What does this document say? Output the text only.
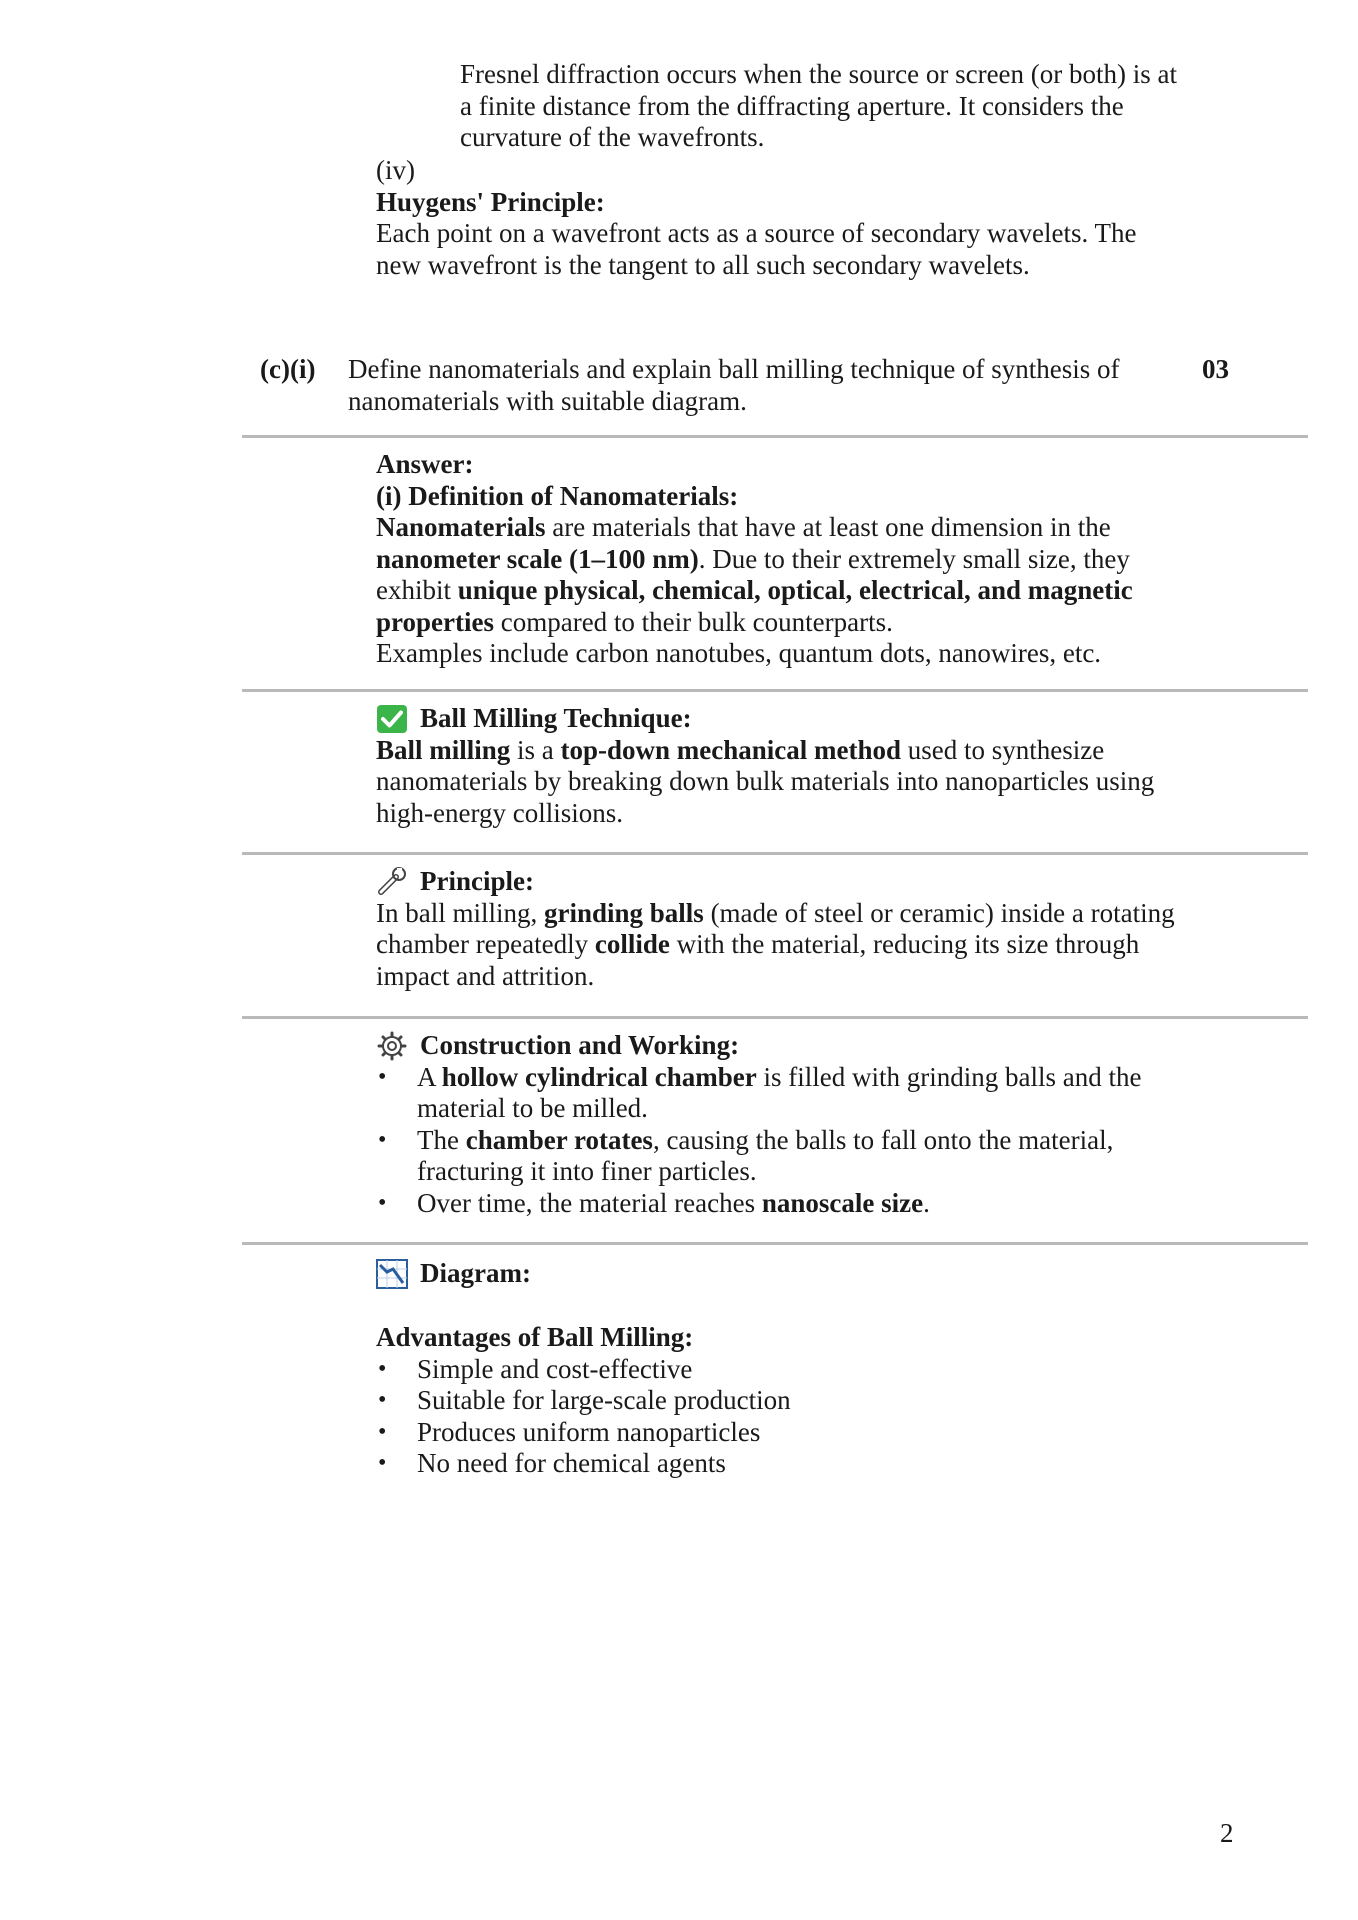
Fresnel diffraction occurs when the source or screen (or both) is at a finite distance from the diffracting aperture. It considers the curvature of the wavefronts.
(iv)
Huygens' Principle:
Each point on a wavefront acts as a source of secondary wavelets. The new wavefront is the tangent to all such secondary wavelets.
(c)(i) Define nanomaterials and explain ball milling technique of synthesis of nanomaterials with suitable diagram.
03
Answer:
(i) Definition of Nanomaterials:
Nanomaterials are materials that have at least one dimension in the nanometer scale (1–100 nm). Due to their extremely small size, they exhibit unique physical, chemical, optical, electrical, and magnetic properties compared to their bulk counterparts.
Examples include carbon nanotubes, quantum dots, nanowires, etc.
Ball Milling Technique:
Ball milling is a top-down mechanical method used to synthesize nanomaterials by breaking down bulk materials into nanoparticles using high-energy collisions.
Principle:
In ball milling, grinding balls (made of steel or ceramic) inside a rotating chamber repeatedly collide with the material, reducing its size through impact and attrition.
Construction and Working:
• A hollow cylindrical chamber is filled with grinding balls and the material to be milled.
• The chamber rotates, causing the balls to fall onto the material, fracturing it into finer particles.
• Over time, the material reaches nanoscale size.
Diagram:
Advantages of Ball Milling:
• Simple and cost-effective
• Suitable for large-scale production
• Produces uniform nanoparticles
• No need for chemical agents
2
